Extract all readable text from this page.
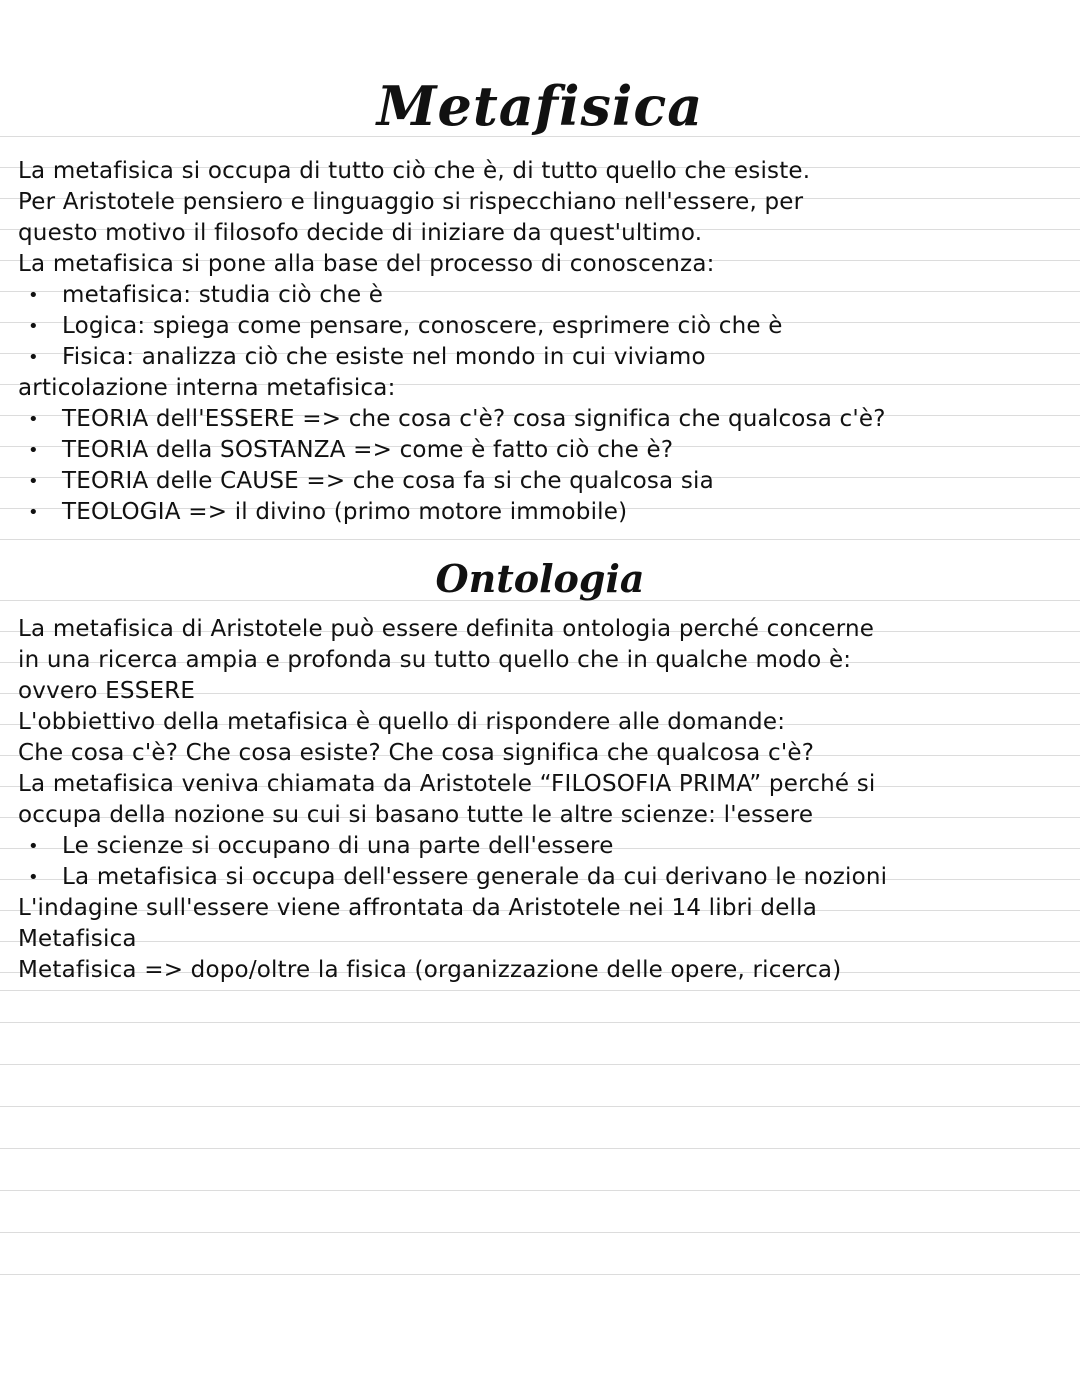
Metafisica
La metafisica si occupa di tutto ciò che è, di tutto quello che esiste.
Per Aristotele pensiero e linguaggio si rispecchiano nell'essere, per
questo motivo il filosofo decide di iniziare da quest'ultimo.
La metafisica si pone alla base del processo di conoscenza:
• metafisica: studia ciò che è
• Logica: spiega come pensare, conoscere, esprimere ciò che è
• Fisica: analizza ciò che esiste nel mondo in cui viviamo
articolazione interna metafisica:
• TEORIA dell'ESSERE => che cosa c'è? cosa significa che qualcosa c'è?
• TEORIA della SOSTANZA => come è fatto ciò che è?
• TEORIA delle CAUSE => che cosa fa si che qualcosa sia
• TEOLOGIA => il divino (primo motore immobile)
Ontologia
La metafisica di Aristotele può essere definita ontologia perché concerne
in una ricerca ampia e profonda su tutto quello che in qualche modo è:
ovvero ESSERE
L'obbiettivo della metafisica è quello di rispondere alle domande:
Che cosa c'è? Che cosa esiste? Che cosa significa che qualcosa c'è?
La metafisica veniva chiamata da Aristotele “FILOSOFIA PRIMA” perché si
occupa della nozione su cui si basano tutte le altre scienze: l'essere
• Le scienze si occupano di una parte dell'essere
• La metafisica si occupa dell'essere generale da cui derivano le nozioni
L'indagine sull'essere viene affrontata da Aristotele nei 14 libri della
Metafisica
Metafisica => dopo/oltre la fisica (organizzazione delle opere, ricerca)
